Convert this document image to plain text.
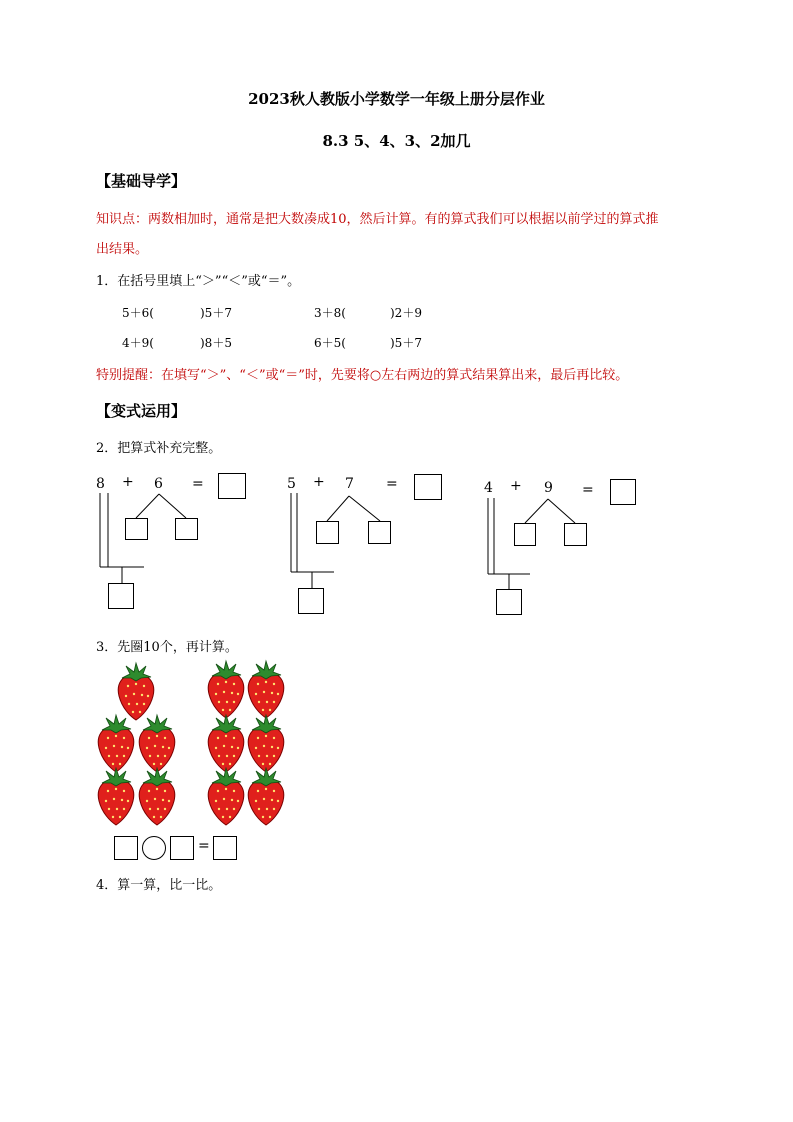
2023秋人教版小学数学一年级上册分层作业
8.3 5、4、3、2加几
【基础导学】
知识点：两数相加时，通常是把大数凑成10，然后计算。有的算式我们可以根据以前学过的算式推
出结果。
1．在括号里填上“＞”“＜”或“＝”。
5＋6(	)5＋7	3＋8(	)2＋9
4＋9(	)8＋5	6＋5(	)5＋7
特别提醒：在填写“＞”、“＜”或“＝”时，先要将○左右两边的算式结果算出来，最后再比较。
【变式运用】
2．把算式补充完整。
8 + 6 =	5 + 7 =	4 + 9 =
3．先圈10个，再计算。
=
4．算一算，比一比。
